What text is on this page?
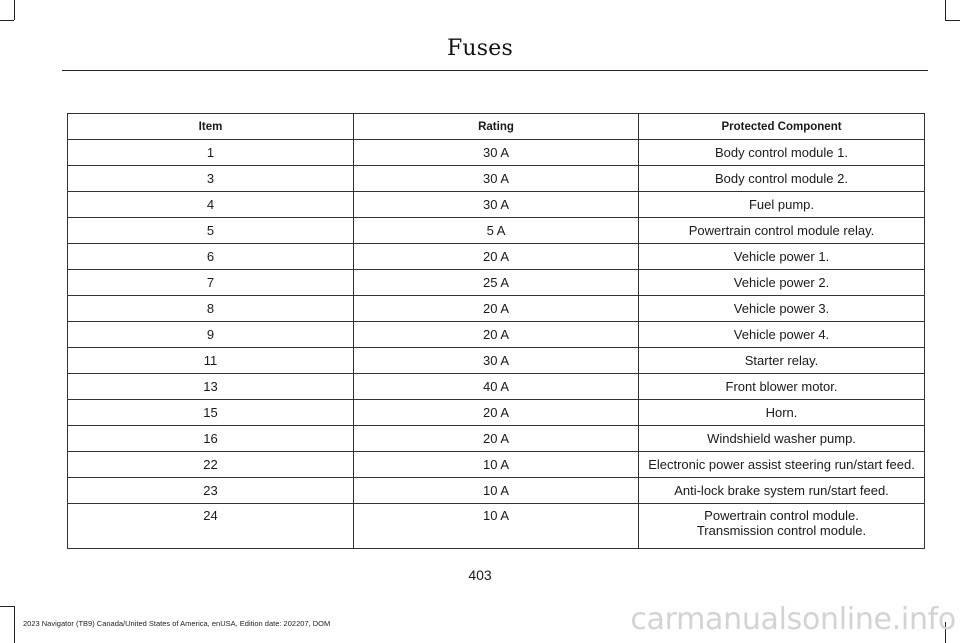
Fuses
Item	Rating	Protected Component
1	30 A	Body control module 1.

3	30 A	Body control module 2.

4	30 A	Fuel pump.

5	5 A	Powertrain control module relay.

6	20 A	Vehicle power 1.

7	25 A	Vehicle power 2.

8	20 A	Vehicle power 3.

9	20 A	Vehicle power 4.

11	30 A	Starter relay.

13	40 A	Front blower motor.

15	20 A	Horn.

16	20 A	Windshield washer pump.

22	10 A	Electronic power assist steering run/start feed.

23	10 A	Anti-lock brake system run/start feed.

24	10 A	Powertrain control module.
Transmission control module.
403
2023 Navigator (TB9) Canada/United States of America, enUSA, Edition date: 202207, DOM	carmanualsonline.info
